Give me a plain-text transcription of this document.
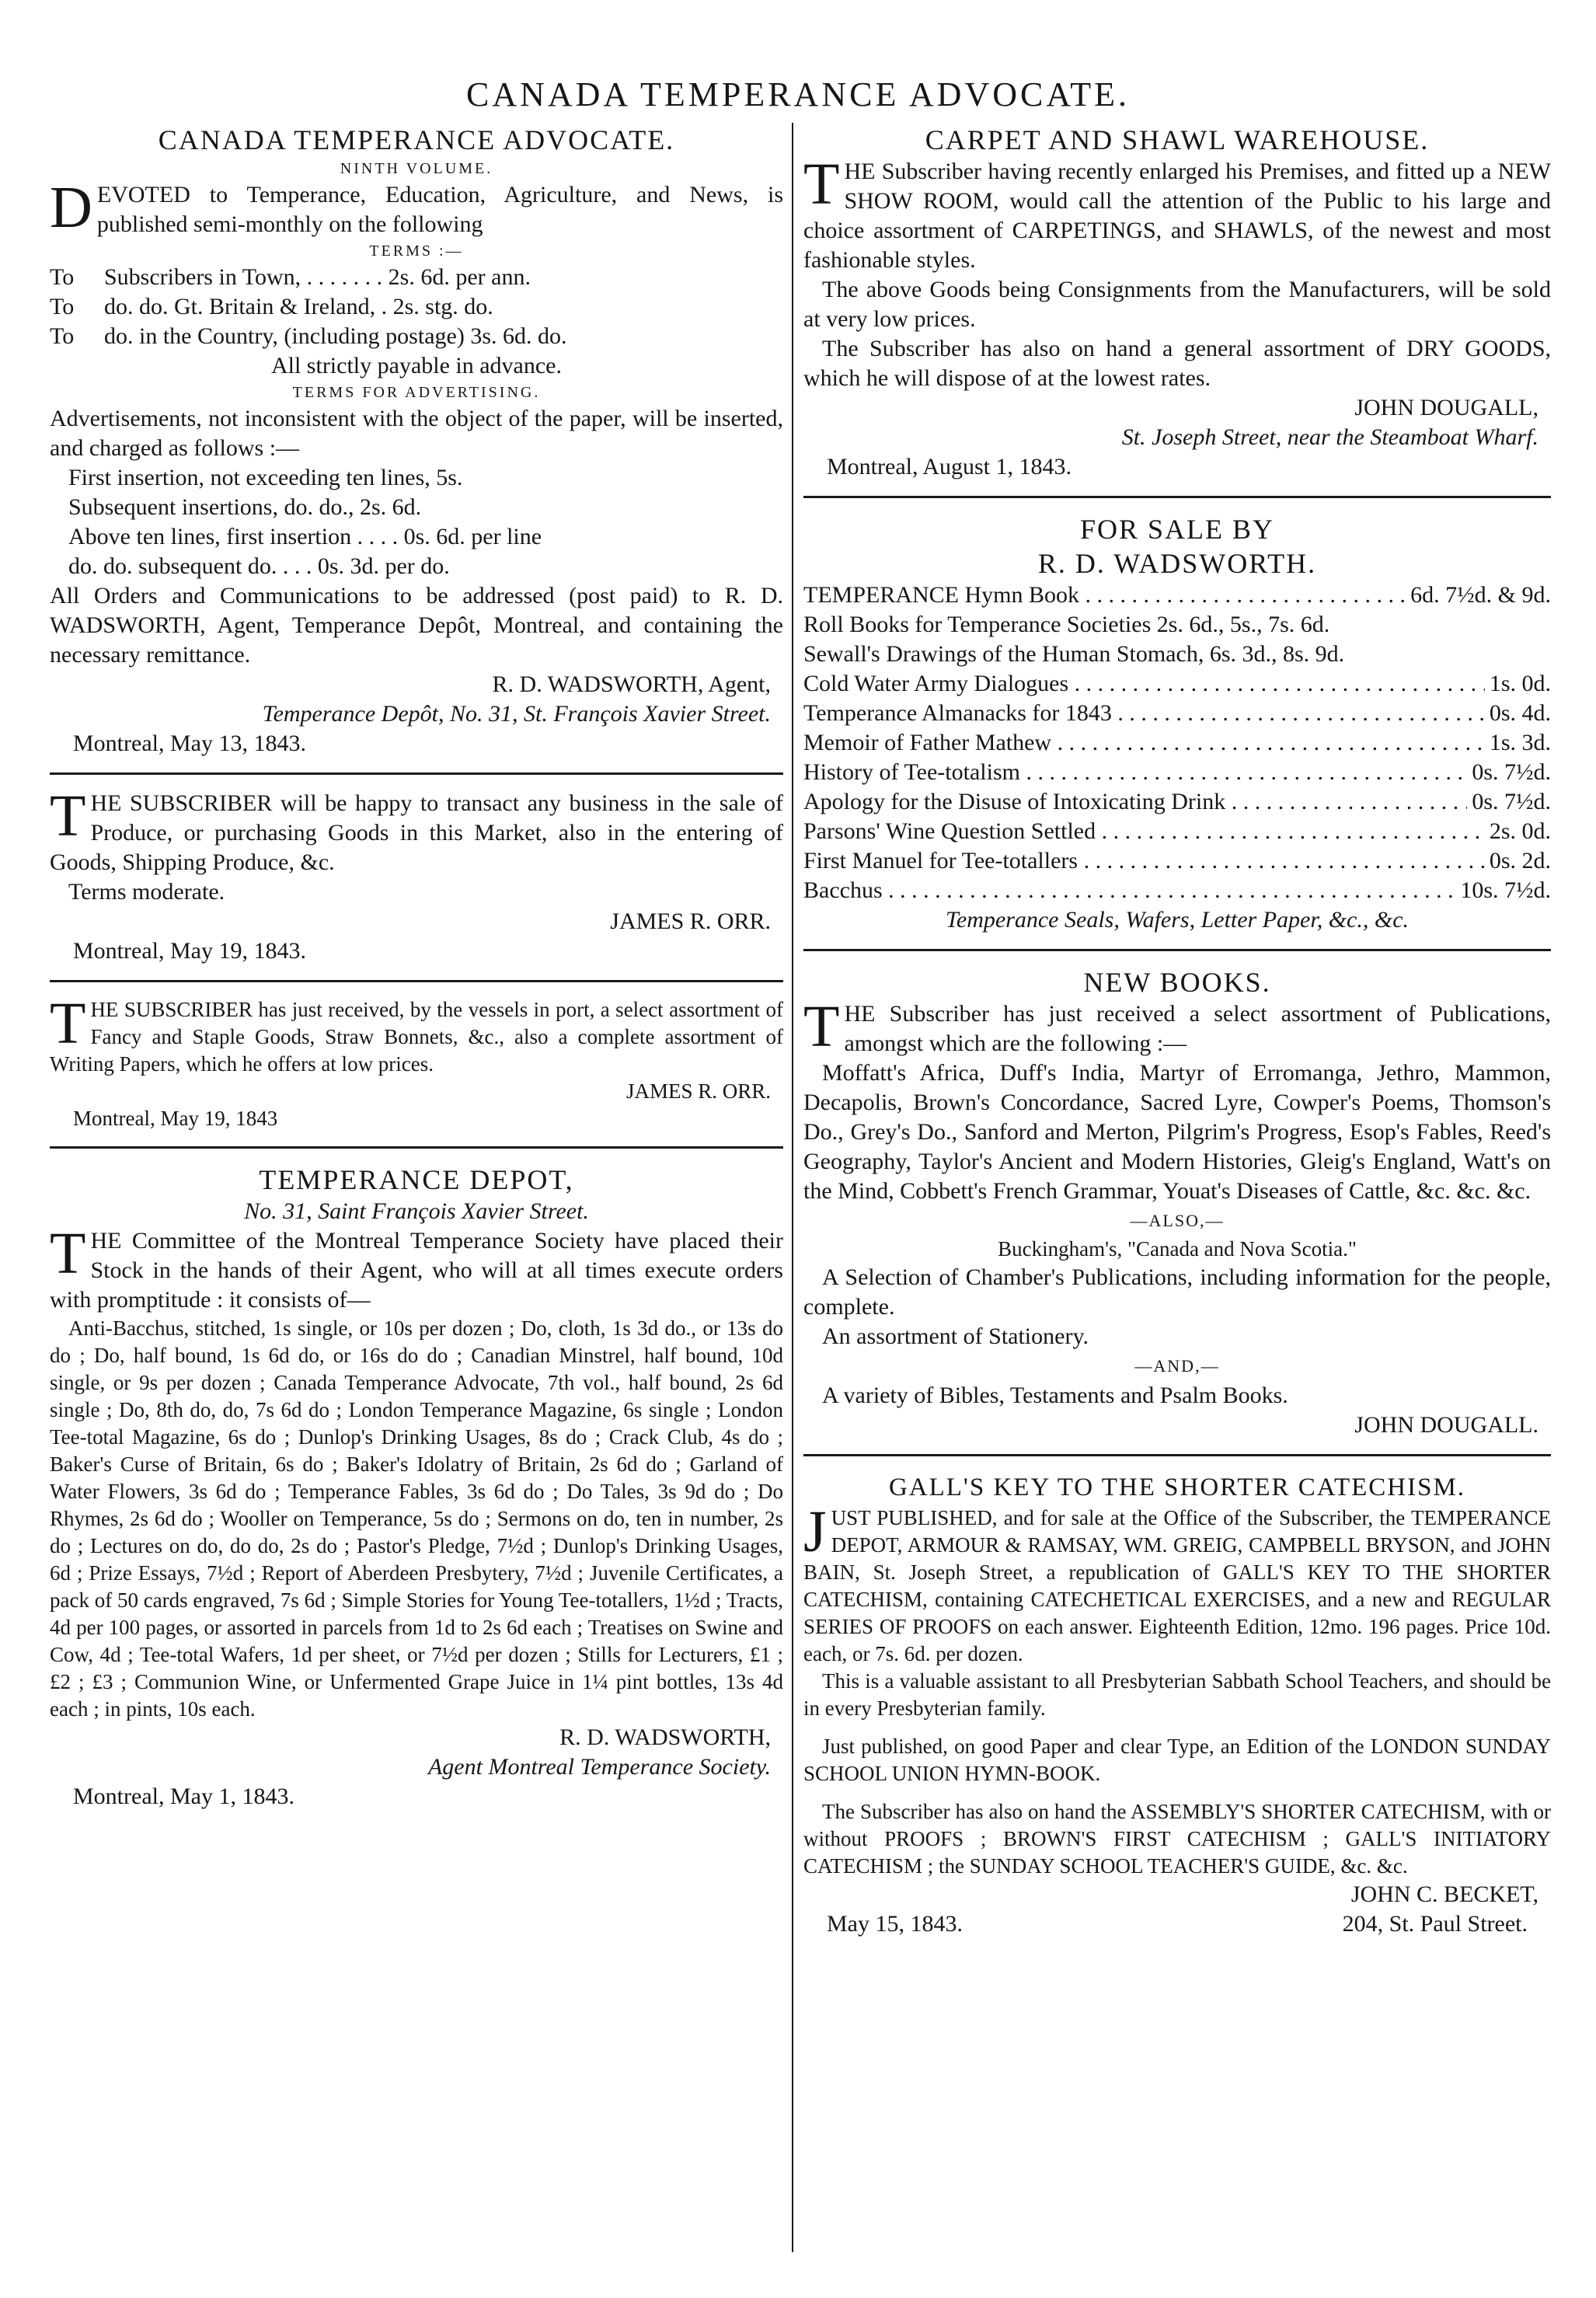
CANADA TEMPERANCE ADVOCATE.
CANADA TEMPERANCE ADVOCATE.
NINTH VOLUME.

DEVOTED to Temperance, Education, Agriculture, and News, is published semi-monthly on the following

TERMS :—
To	Subscribers in Town, . . . . . . . 2s. 6d. per ann.
To	do. do. Gt. Britain & Ireland, . 2s. stg. do.
To	do. in the Country, (including postage) 3s. 6d. do.
All strictly payable in advance.
TERMS FOR ADVERTISING.

Advertisements, not inconsistent with the object of the paper, will be inserted, and charged as follows :—

First insertion, not exceeding ten lines, 5s.

Subsequent insertions, do. do., 2s. 6d.

Above ten lines, first insertion . . . . 0s. 6d. per line

do. do. subsequent do. . . . 0s. 3d. per do.

All Orders and Communications to be addressed (post paid) to R. D. WADSWORTH, Agent, Temperance Depôt, Montreal, and containing the necessary remittance.

R. D. WADSWORTH, Agent,
Temperance Depôt, No. 31, St. François Xavier Street.
Montreal, May 13, 1843.

THE SUBSCRIBER will be happy to transact any business in the sale of Produce, or purchasing Goods in this Market, also in the entering of Goods, Shipping Produce, &c.

Terms moderate.

JAMES R. ORR.
Montreal, May 19, 1843.

THE SUBSCRIBER has just received, by the vessels in port, a select assortment of Fancy and Staple Goods, Straw Bonnets, &c., also a complete assortment of Writing Papers, which he offers at low prices.

JAMES R. ORR.
Montreal, May 19, 1843
TEMPERANCE DEPOT,
No. 31, Saint François Xavier Street.

THE Committee of the Montreal Temperance Society have placed their Stock in the hands of their Agent, who will at all times execute orders with promptitude : it consists of—

Anti-Bacchus, stitched, 1s single, or 10s per dozen ; Do, cloth, 1s 3d do., or 13s do do ; Do, half bound, 1s 6d do, or 16s do do ; Canadian Minstrel, half bound, 10d single, or 9s per dozen ; Canada Temperance Advocate, 7th vol., half bound, 2s 6d single ; Do, 8th do, do, 7s 6d do ; London Temperance Magazine, 6s single ; London Tee-total Magazine, 6s do ; Dunlop's Drinking Usages, 8s do ; Crack Club, 4s do ; Baker's Curse of Britain, 6s do ; Baker's Idolatry of Britain, 2s 6d do ; Garland of Water Flowers, 3s 6d do ; Temperance Fables, 3s 6d do ; Do Tales, 3s 9d do ; Do Rhymes, 2s 6d do ; Wooller on Temperance, 5s do ; Sermons on do, ten in number, 2s do ; Lectures on do, do do, 2s do ; Pastor's Pledge, 7½d ; Dunlop's Drinking Usages, 6d ; Prize Essays, 7½d ; Report of Aberdeen Presbytery, 7½d ; Juvenile Certificates, a pack of 50 cards engraved, 7s 6d ; Simple Stories for Young Tee-totallers, 1½d ; Tracts, 4d per 100 pages, or assorted in parcels from 1d to 2s 6d each ; Treatises on Swine and Cow, 4d ; Tee-total Wafers, 1d per sheet, or 7½d per dozen ; Stills for Lecturers, £1 ; £2 ; £3 ; Communion Wine, or Unfermented Grape Juice in 1¼ pint bottles, 13s 4d each ; in pints, 10s each.

R. D. WADSWORTH,
Agent Montreal Temperance Society.
Montreal, May 1, 1843.
CARPET AND SHAWL WAREHOUSE.

THE Subscriber having recently enlarged his Premises, and fitted up a NEW SHOW ROOM, would call the attention of the Public to his large and choice assortment of CARPETINGS, and SHAWLS, of the newest and most fashionable styles.

The above Goods being Consignments from the Manufacturers, will be sold at very low prices.

The Subscriber has also on hand a general assortment of DRY GOODS, which he will dispose of at the lowest rates.

JOHN DOUGALL,
St. Joseph Street, near the Steamboat Wharf.
Montreal, August 1, 1843.
FOR SALE BY
R. D. WADSWORTH.
TEMPERANCE Hymn Book . . .	6d. 7½d. & 9d.
Roll Books for Temperance Societies 2s. 6d., 5s., 7s. 6d.
Sewall's Drawings of the Human Stomach, 6s. 3d., 8s. 9d.
Cold Water Army Dialogues . . .	1s. 0d.
Temperance Almanacks for 1843 . . .	0s. 4d.
Memoir of Father Mathew . . .	1s. 3d.
History of Tee-totalism . . .	0s. 7½d.
Apology for the Disuse of Intoxicating Drink . . .	0s. 7½d.
Parsons' Wine Question Settled . . .	2s. 0d.
First Manuel for Tee-totallers . . .	0s. 2d.
Bacchus . . .	10s. 7½d.
Temperance Seals, Wafers, Letter Paper, &c., &c.
NEW BOOKS.

THE Subscriber has just received a select assortment of Publications, amongst which are the following :—

Moffatt's Africa, Duff's India, Martyr of Erromanga, Jethro, Mammon, Decapolis, Brown's Concordance, Sacred Lyre, Cowper's Poems, Thomson's Do., Grey's Do., Sanford and Merton, Pilgrim's Progress, Esop's Fables, Reed's Geography, Taylor's Ancient and Modern Histories, Gleig's England, Watt's on the Mind, Cobbett's French Grammar, Youat's Diseases of Cattle, &c. &c. &c.

—ALSO,—
Buckingham's, "Canada and Nova Scotia."

A Selection of Chamber's Publications, including information for the people, complete.

An assortment of Stationery.

—AND,—

A variety of Bibles, Testaments and Psalm Books.

JOHN DOUGALL.
GALL'S KEY TO THE SHORTER CATECHISM.

JUST PUBLISHED, and for sale at the Office of the Subscriber, the TEMPERANCE DEPOT, ARMOUR & RAMSAY, WM. GREIG, CAMPBELL BRYSON, and JOHN BAIN, St. Joseph Street, a republication of GALL'S KEY TO THE SHORTER CATECHISM, containing CATECHETICAL EXERCISES, and a new and REGULAR SERIES OF PROOFS on each answer. Eighteenth Edition, 12mo. 196 pages. Price 10d. each, or 7s. 6d. per dozen.

This is a valuable assistant to all Presbyterian Sabbath School Teachers, and should be in every Presbyterian family.

Just published, on good Paper and clear Type, an Edition of the LONDON SUNDAY SCHOOL UNION HYMN-BOOK.

The Subscriber has also on hand the ASSEMBLY'S SHORTER CATECHISM, with or without PROOFS ; BROWN'S FIRST CATECHISM ; GALL'S INITIATORY CATECHISM ; the SUNDAY SCHOOL TEACHER'S GUIDE, &c. &c.

JOHN C. BECKET,
May 15, 1843.	204, St. Paul Street.
